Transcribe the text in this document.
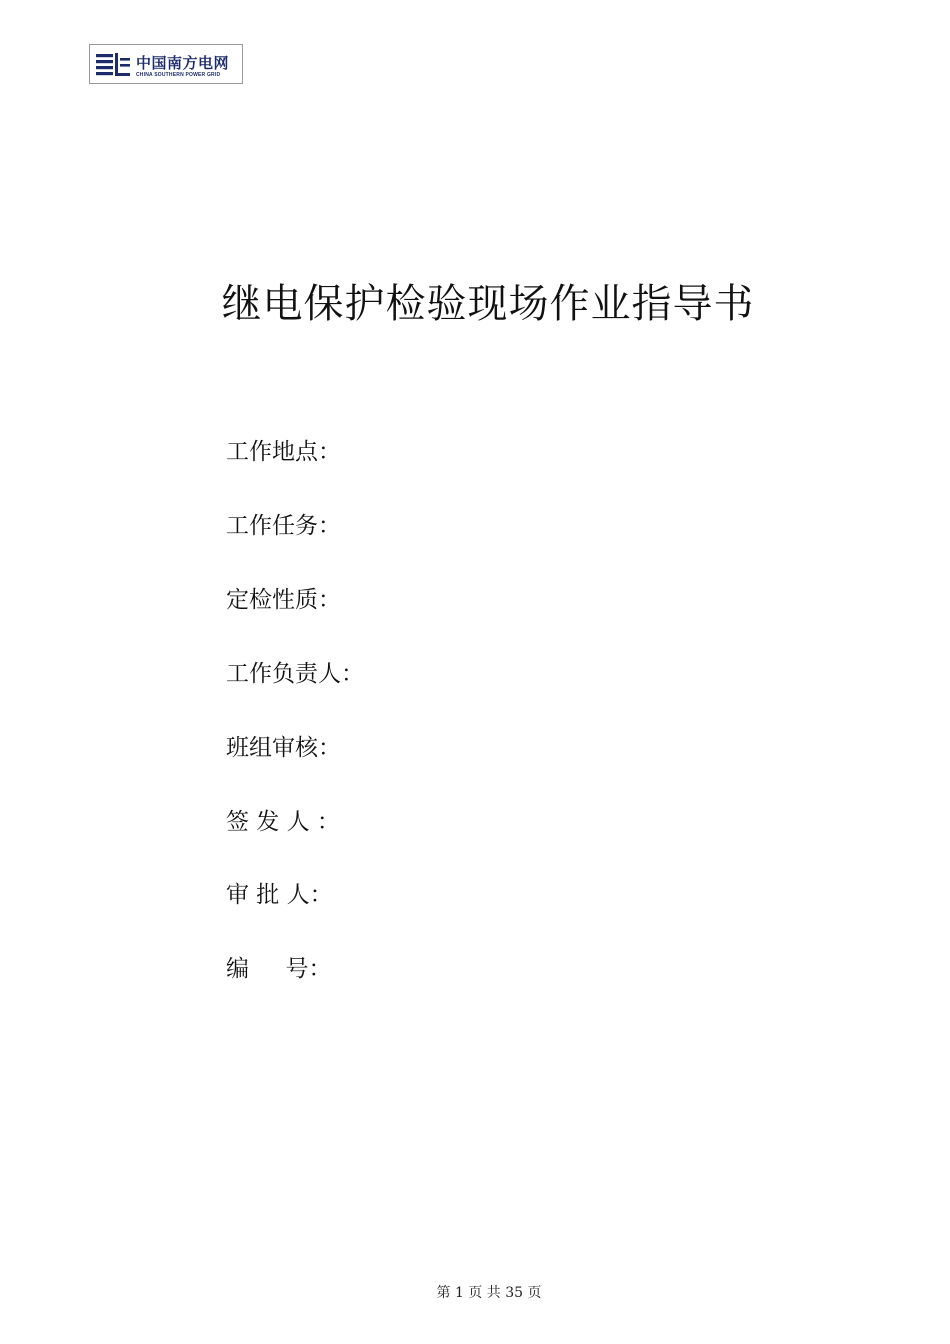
中国南方电网
CHINA SOUTHERN POWER GRID
继电保护检验现场作业指导书
工作地点：
工作任务：
定检性质：
工作负责人：
班组审核：
签 发 人 ：
审 批 人：
编     号：
第 1 页 共 35 页
